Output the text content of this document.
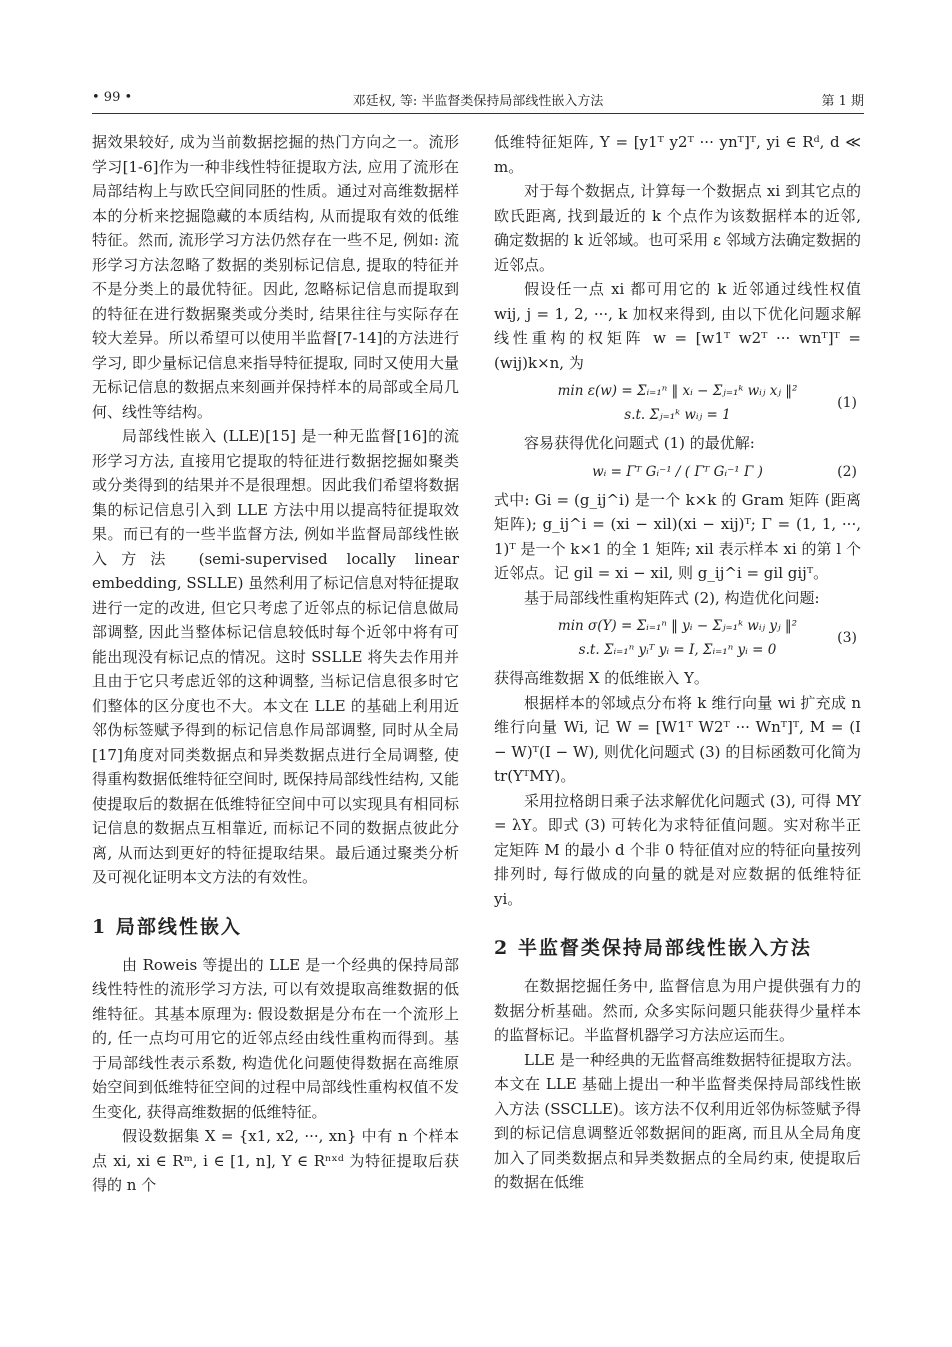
• 99 •	邓廷权, 等: 半监督类保持局部线性嵌入方法	第 1 期

据效果较好, 成为当前数据挖掘的热门方向之一。流形学习[1-6]作为一种非线性特征提取方法, 应用了流形在局部结构上与欧氏空间同胚的性质。通过对高维数据样本的分析来挖掘隐藏的本质结构, 从而提取有效的低维特征。然而, 流形学习方法仍然存在一些不足, 例如: 流形学习方法忽略了数据的类别标记信息, 提取的特征并不是分类上的最优特征。因此, 忽略标记信息而提取到的特征在进行数据聚类或分类时, 结果往往与实际存在较大差异。所以希望可以使用半监督[7-14]的方法进行学习, 即少量标记信息来指导特征提取, 同时又使用大量无标记信息的数据点来刻画并保持样本的局部或全局几何、线性等结构。

局部线性嵌入 (LLE)[15] 是一种无监督[16]的流形学习方法, 直接用它提取的特征进行数据挖掘如聚类或分类得到的结果并不是很理想。因此我们希望将数据集的标记信息引入到 LLE 方法中用以提高特征提取效果。而已有的一些半监督方法, 例如半监督局部线性嵌入方法 (semi-supervised locally linear embedding, SSLLE) 虽然利用了标记信息对特征提取进行一定的改进, 但它只考虑了近邻点的标记信息做局部调整, 因此当整体标记信息较低时每个近邻中将有可能出现没有标记点的情况。这时 SSLLE 将失去作用并且由于它只考虑近邻的这种调整, 当标记信息很多时它们整体的区分度也不大。本文在 LLE 的基础上利用近邻伪标签赋予得到的标记信息作局部调整, 同时从全局[17]角度对同类数据点和异类数据点进行全局调整, 使得重构数据低维特征空间时, 既保持局部线性结构, 又能使提取后的数据在低维特征空间中可以实现具有相同标记信息的数据点互相靠近, 而标记不同的数据点彼此分离, 从而达到更好的特征提取结果。最后通过聚类分析及可视化证明本文方法的有效性。

1 局部线性嵌入

由 Roweis 等提出的 LLE 是一个经典的保持局部线性特性的流形学习方法, 可以有效提取高维数据的低维特征。其基本原理为: 假设数据是分布在一个流形上的, 任一点均可用它的近邻点经由线性重构而得到。基于局部线性表示系数, 构造优化问题使得数据在高维原始空间到低维特征空间的过程中局部线性重构权值不发生变化, 获得高维数据的低维特征。

假设数据集 X = {x1, x2, ···, xn} 中有 n 个样本点 xi, xi ∈ Rᵐ, i ∈ [1, n], Y ∈ Rⁿˣᵈ 为特征提取后获得的 n 个

低维特征矩阵, Y = [y1ᵀ y2ᵀ ··· ynᵀ]ᵀ, yi ∈ Rᵈ, d ≪ m。

对于每个数据点, 计算每一个数据点 xi 到其它点的欧氏距离, 找到最近的 k 个点作为该数据样本的近邻, 确定数据的 k 近邻域。也可采用 ε 邻域方法确定数据的近邻点。

假设任一点 xi 都可用它的 k 近邻通过线性权值 wij, j = 1, 2, ···, k 加权来得到, 由以下优化问题求解线性重构的权矩阵 w = [w1ᵀ w2ᵀ ··· wnᵀ]ᵀ = (wij)k×n, 为

min ε(w) = Σᵢ₌₁ⁿ ‖ xᵢ − Σⱼ₌₁ᵏ wᵢⱼ xⱼ ‖²
s.t. Σⱼ₌₁ᵏ wᵢⱼ = 1
(1)

容易获得优化问题式 (1) 的最优解:

wᵢ = Γᵀ Gᵢ⁻¹ / ( Γᵀ Gᵢ⁻¹ Γ )	(2)

式中: Gi = (g_ij^i) 是一个 k×k 的 Gram 矩阵 (距离矩阵); g_ij^i = (xi − xil)(xi − xij)ᵀ; Γ = (1, 1, ···, 1)ᵀ 是一个 k×1 的全 1 矩阵; xil 表示样本 xi 的第 l 个近邻点。记 gil = xi − xil, 则 g_ij^i = gil gijᵀ。

基于局部线性重构矩阵式 (2), 构造优化问题:

min σ(Y) = Σᵢ₌₁ⁿ ‖ yᵢ − Σⱼ₌₁ᵏ wᵢⱼ yⱼ ‖²
s.t. Σᵢ₌₁ⁿ yᵢᵀ yᵢ = I, Σᵢ₌₁ⁿ yᵢ = 0
(3)

获得高维数据 X 的低维嵌入 Y。

根据样本的邻域点分布将 k 维行向量 wi 扩充成 n 维行向量 Wi, 记 W = [W1ᵀ W2ᵀ ··· Wnᵀ]ᵀ, M = (I − W)ᵀ(I − W), 则优化问题式 (3) 的目标函数可化简为 tr(YᵀMY)。

采用拉格朗日乘子法求解优化问题式 (3), 可得 MY = λY。即式 (3) 可转化为求特征值问题。实对称半正定矩阵 M 的最小 d 个非 0 特征值对应的特征向量按列排列时, 每行做成的向量的就是对应数据的低维特征 yi。

2 半监督类保持局部线性嵌入方法

在数据挖掘任务中, 监督信息为用户提供强有力的数据分析基础。然而, 众多实际问题只能获得少量样本的监督标记。半监督机器学习方法应运而生。

LLE 是一种经典的无监督高维数据特征提取方法。本文在 LLE 基础上提出一种半监督类保持局部线性嵌入方法 (SSCLLE)。该方法不仅利用近邻伪标签赋予得到的标记信息调整近邻数据间的距离, 而且从全局角度加入了同类数据点和异类数据点的全局约束, 使提取后的数据在低维
